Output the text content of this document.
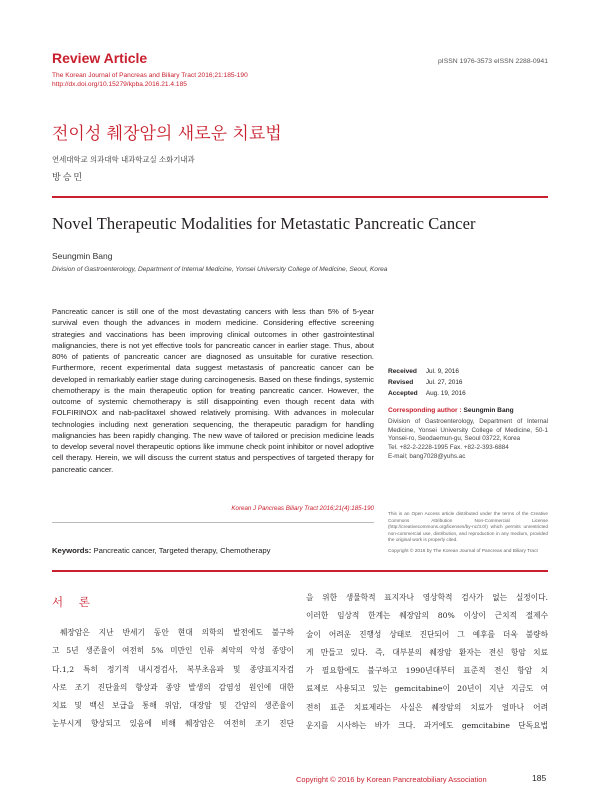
Review Article
The Korean Journal of Pancreas and Biliary Tract 2016;21:185-190
http://dx.doi.org/10.15279/kpba.2016.21.4.185
pISSN 1976-3573 eISSN 2288-0941
전이성 췌장암의 새로운 치료법
연세대학교 의과대학 내과학교실 소화기내과
방승민
Novel Therapeutic Modalities for Metastatic Pancreatic Cancer
Seungmin Bang
Division of Gastroenterology, Department of Internal Medicine, Yonsei University College of Medicine, Seoul, Korea
Pancreatic cancer is still one of the most devastating cancers with less than 5% of 5-year survival even though the advances in modern medicine. Considering effective screening strategies and vaccinations has been improving clinical outcomes in other gastrointestinal malignancies, there is not yet effective tools for pancreatic cancer in earlier stage. Thus, about 80% of patients of pancreatic cancer are diagnosed as unsuitable for curative resection. Furthermore, recent experimental data suggest metastasis of pancreatic cancer can be developed in remarkably earlier stage during carcinogenesis. Based on these findings, systemic chemotherapy is the main therapeutic option for treating pancreatic cancer. However, the outcome of systemic chemotherapy is still disappointing even though recent data with FOLFIRINOX and nab-paclitaxel showed relatively promising. With advances in molecular technologies including next generation sequencing, the therapeutic paradigm for handling malignancies has been rapidly changing. The new wave of tailored or precision medicine leads to develop several novel therapeutic options like immune check point inhibitor or novel adoptive cell therapy. Herein, we will discuss the current status and perspectives of targeted therapy for pancreatic cancer.
Korean J Pancreas Biliary Tract 2016;21(4):185-190
Keywords: Pancreatic cancer, Targeted therapy, Chemotherapy
Received Jul. 9, 2016
Revised Jul. 27, 2016
Accepted Aug. 19, 2016
Corresponding author : Seungmin Bang
Division of Gastroenterology, Department of Internal Medicine, Yonsei University College of Medicine, 50-1 Yonsei-ro, Seodaemun-gu, Seoul 03722, Korea
Tel. +82-2-2228-1995 Fax. +82-2-393-6884
E-mail; bang7028@yuhs.ac
This is an Open Access article distributed under the terms of the Creative Commons Attribution Non-Commercial License (http://creativecommons.org/licenses/by-nc/3.0/) which permits unrestricted non-commercial use, distribution, and reproduction in any medium, provided the original work is properly cited.
Copyright © 2016 by The Korean Journal of Pancreas and Biliary Tract
서 론
췌장암은 지난 반세기 동안 현대 의학의 발전에도 불구하
고 5년 생존율이 여전히 5% 미만인 인류 최악의 악성 종양이
다.1,2 특히 정기적 내시경검사, 복부초음파 및 종양표지자검
사로 조기 진단율의 향상과 종양 발생의 감염성 원인에 대한
치료 및 백신 보급을 통해 위암, 대장암 및 간암의 생존율이
눈부시게 향상되고 있음에 비해 췌장암은 여전히 조기 진단
을 위한 생물학적 표지자나 영상학적 검사가 없는 실정이다.
이러한 임상적 한계는 췌장암의 80% 이상이 근치적 절제수
술이 어려운 진행성 상태로 진단되어 그 예후를 더욱 불량하
게 만들고 있다. 즉, 대부분의 췌장암 환자는 전신 항암 치료
가 필요함에도 불구하고 1990년대부터 표준적 전신 항암 치
료제로 사용되고 있는 gemcitabine이 20년이 지난 지금도 여
전히 표준 치료제라는 사실은 췌장암의 치료가 얼마나 어려
운지를 시사하는 바가 크다. 과거에도 gemcitabine 단독요법
Copyright © 2016 by Korean Pancreatobiliary Association	185
